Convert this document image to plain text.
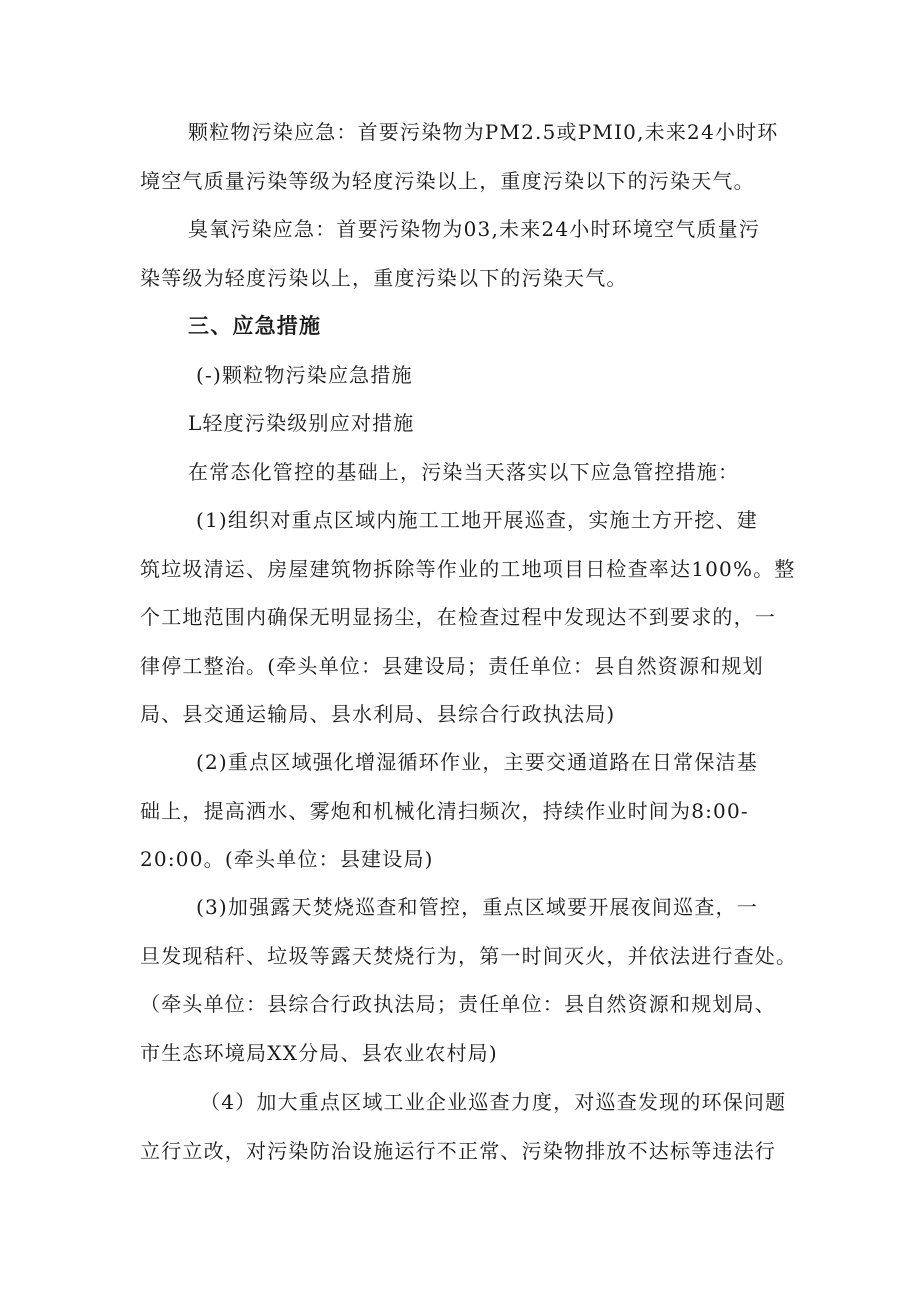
颗粒物污染应急：首要污染物为PM2.5或PMI0,未来24小时环
境空气质量污染等级为轻度污染以上，重度污染以下的污染天气。
臭氧污染应急：首要污染物为03,未来24小时环境空气质量污
染等级为轻度污染以上，重度污染以下的污染天气。
三、应急措施
(-)颗粒物污染应急措施
L轻度污染级别应对措施
在常态化管控的基础上，污染当天落实以下应急管控措施：
(1)组织对重点区域内施工工地开展巡查，实施土方开挖、建
筑垃圾清运、房屋建筑物拆除等作业的工地项目日检查率达100%。整
个工地范围内确保无明显扬尘，在检查过程中发现达不到要求的，一
律停工整治。(牵头单位：县建设局；责任单位：县自然资源和规划
局、县交通运输局、县水利局、县综合行政执法局)
(2)重点区域强化增湿循环作业，主要交通道路在日常保洁基
础上，提高洒水、雾炮和机械化清扫频次，持续作业时间为8:00-
20:00。(牵头单位：县建设局)
(3)加强露天焚烧巡查和管控，重点区域要开展夜间巡查，一
旦发现秸秆、垃圾等露天焚烧行为，第一时间灭火，并依法进行查处。
（牵头单位：县综合行政执法局；责任单位：县自然资源和规划局、
市生态环境局XX分局、县农业农村局)
（4）加大重点区域工业企业巡查力度，对巡查发现的环保问题
立行立改，对污染防治设施运行不正常、污染物排放不达标等违法行
